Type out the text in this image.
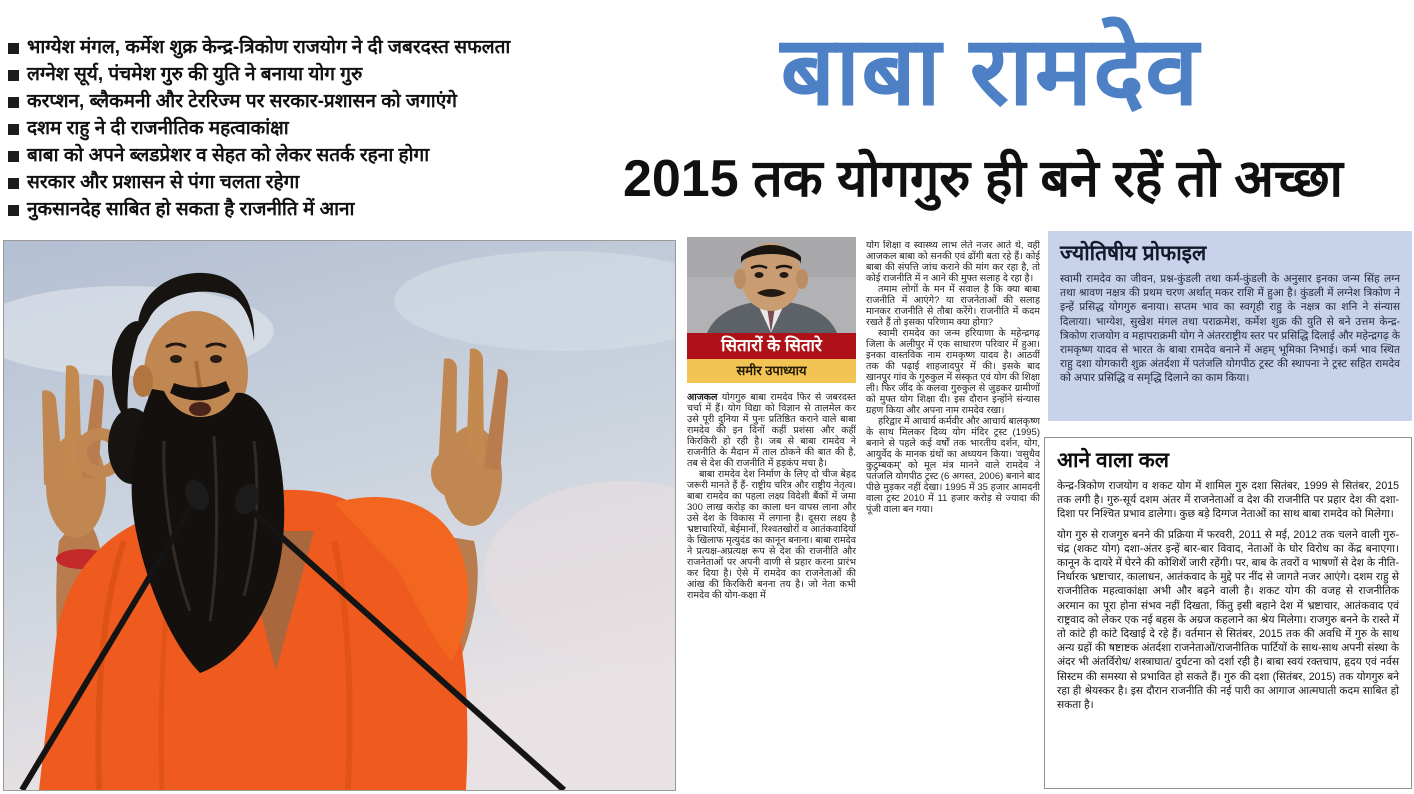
भाग्येश मंगल, कर्मेश शुक्र केन्द्र-त्रिकोण राजयोग ने दी जबरदस्त सफलता
लग्नेश सूर्य, पंचमेश गुरु की युति ने बनाया योग गुरु
करप्शन, ब्लैकमनी और टेररिज्म पर सरकार-प्रशासन को जगाएंगे
दशम राहु ने दी राजनीतिक महत्वाकांक्षा
बाबा को अपने ब्लडप्रेशर व सेहत को लेकर सतर्क रहना होगा
सरकार और प्रशासन से पंगा चलता रहेगा
नुकसानदेह साबित हो सकता है राजनीति में आना
बाबा रामदेव
2015 तक योगगुरु ही बने रहें तो अच्छा
सितारों के सितारे
समीर उपाध्याय

आजकल योगगुरु बाबा रामदेव फिर से जबरदस्त चर्चा में हैं। योग विद्या को विज्ञान से तालमेल कर उसे पूरी दुनिया में पुनः प्रतिष्ठित कराने वाले बाबा रामदेव की इन दिनों कहीं प्रशंसा और कहीं किरकिरी हो रही है। जब से बाबा रामदेव ने राजनीति के मैदान में ताल ठोकने की बात की है, तब से देश की राजनीति में हड़कंप मचा है।

बाबा रामदेव देश निर्माण के लिए दो चीज बेहद जरूरी मानते हैं हैं- राष्ट्रीय चरित्र और राष्ट्रीय नेतृत्व। बाबा रामदेव का पहला लक्ष्य विदेशी बैंकों में जमा 300 लाख करोड़ का काला धन वापस लाना और उसे देश के विकास में लगाना है। दूसरा लक्ष्य है भ्रष्टाचारियों, बेईमानों, रिश्वतखोरों व आतंकवादियों के खिलाफ मृत्युदंड का कानून बनाना। बाबा रामदेव ने प्रत्यक्ष-अप्रत्यक्ष रूप से देश की राजनीति और राजनेताओं पर अपनी वाणी से प्रहार करना प्रारंभ कर दिया है। ऐसे में रामदेव का राजनेताओं की आंख की किरकिरी बनना तय है। जो नेता कभी रामदेव की योग-कक्षा में

योग शिक्षा व स्वास्थ्य लाभ लेते नजर आते थे, वही आजकल बाबा को सनकी एवं ढोंगी बता रहे हैं। कोई बाबा की संपत्ति जांच कराने की मांग कर रहा है, तो कोई राजनीति में न आने की मुफ्त सलाह दे रहा है।

तमाम लोगों के मन में सवाल है कि क्या बाबा राजनीति में आएंगे? या राजनेताओं की सलाह मानकर राजनीति से तौबा करेंगे। राजनीति में कदम रखते हैं तो इसका परिणाम क्या होगा?

स्वामी रामदेव का जन्म हरियाणा के महेन्द्रगढ़ जिला के अलीपुर में एक साधारण परिवार में हुआ। इनका वास्तविक नाम रामकृष्ण यादव है। आठवीं तक की पढ़ाई शाहजादपुर में की। इसके बाद खानपुर गांव के गुरुकुल में संस्कृत एवं योग की शिक्षा ली। फिर जींद के कलवा गुरुकुल से जुड़कर ग्रामीणों को मुफ्त योग शिक्षा दी। इस दौरान इन्होंने संन्यास ग्रहण किया और अपना नाम रामदेव रखा।

हरिद्वार में आचार्य कर्मवीर और आचार्य बालकृष्ण के साथ मिलकर दिव्य योग मंदिर ट्रस्ट (1995) बनाने से पहले कई वर्षों तक भारतीय दर्शन, योग, आयुर्वेद के मानक ग्रंथों का अध्ययन किया। 'वसुधैव कुटुम्बकम्' को मूल मंत्र मानने वाले रामदेव ने पतंजलि योगपीठ ट्रस्ट (6 अगस्त, 2006) बनाने बाद पीछे मुड़कर नहीं देखा। 1995 में 35 हजार आमदनी वाला ट्रस्ट 2010 में 11 हजार करोड़ से ज्यादा की पूंजी वाला बन गया।

ज्योतिषीय प्रोफाइल

स्वामी रामदेव का जीवन, प्रश्न-कुंडली तथा कर्म-कुंडली के अनुसार इनका जन्म सिंह लग्न तथा श्रावण नक्षत्र की प्रथम चरण अर्थात् मकर राशि में हुआ है। कुंडली में लग्नेश त्रिकोण ने इन्हें प्रसिद्ध योगगुरु बनाया। सप्तम भाव का स्वगृही राहु के नक्षत्र का शनि ने संन्यास दिलाया। भाग्येश, सुखेश मंगल तथा पराक्रमेश, कर्मेश शुक्र की युति से बने उत्तम केन्द्र-त्रिकोण राजयोग व महापराक्रमी योग ने अंतरराष्ट्रीय स्तर पर प्रसिद्धि दिलाई और महेन्द्रगढ़ के रामकृष्ण यादव से भारत के बाबा रामदेव बनाने में अहम् भूमिका निभाई। कर्म भाव स्थित राहु दशा योगकारी शुक्र अंतर्दशा में पतंजलि योगपीठ ट्रस्ट की स्थापना ने ट्रस्ट सहित रामदेव को अपार प्रसिद्धि व समृद्धि दिलाने का काम किया।

आने वाला कल

केन्द्र-त्रिकोण राजयोग व शकट योग में शामिल गुरु दशा सितंबर, 1999 से सितंबर, 2015 तक लगी है। गुरु-सूर्य दशम अंतर में राजनेताओं व देश की राजनीति पर प्रहार देश की दशा-दिशा पर निश्चित प्रभाव डालेगा। कुछ बड़े दिग्गज नेताओं का साथ बाबा रामदेव को मिलेगा।

योग गुरु से राजगुरु बनने की प्रक्रिया में फरवरी, 2011 से मई, 2012 तक चलने वाली गुरु-चंद्र (शकट योग) दशा-अंतर इन्हें बार-बार विवाद, नेताओं के घोर विरोध का केंद्र बनाएगा। कानून के दायरे में घेरने की कोशिशें जारी रहेंगी। पर, बाब के तवरों व भाषणों से देश के नीति-निर्धारक भ्रष्टाचार, कालाधन, आतंकवाद के मुद्दे पर नींद से जागते नजर आएंगे। दशम राहु से राजनीतिक महत्वाकांक्षा अभी और बढ़ने वाली है। शकट योग की वजह से राजनीतिक अरमान का पूरा होना संभव नहीं दिखता, किंतु इसी बहाने देश में भ्रष्टाचार, आतंकवाद एवं राष्ट्रवाद को लेकर एक नई बहस के अग्रज कहलाने का श्रेय मिलेगा। राजगुरु बनने के रास्ते में तो कांटे ही कांटे दिखाई दे रहे हैं। वर्तमान से सितंबर, 2015 तक की अवधि में गुरु के साथ अन्य ग्रहों की षष्टाष्टक अंतर्दशा राजनेताओं/राजनीतिक पार्टियों के साथ-साथ अपनी संस्था के अंदर भी अंतर्विरोध/ शस्त्राघात/ दुर्घटना को दर्शा रही है। बाबा स्वयं रक्तचाप, हृदय एवं नर्वस सिस्टम की समस्या से प्रभावित हो सकते हैं। गुरु की दशा (सितंबर, 2015) तक योगगुरु बने रहा ही श्रेयस्कर है। इस दौरान राजनीति की नई पारी का आगाज आत्मघाती कदम साबित हो सकता है।
